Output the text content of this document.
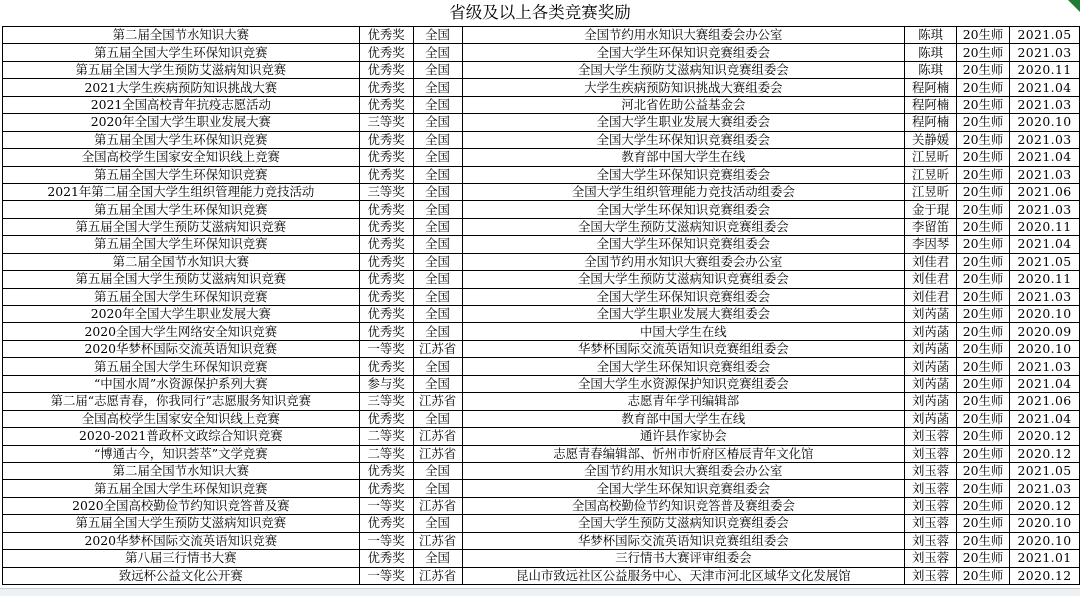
省级及以上各类竞赛奖励
第二届全国节水知识大赛	优秀奖	全国	全国节约用水知识大赛组委会办公室	陈琪	20生师	2021.05
第五届全国大学生环保知识竞赛	优秀奖	全国	全国大学生环保知识竞赛组委会	陈琪	20生师	2021.03
第五届全国大学生预防艾滋病知识竞赛	优秀奖	全国	全国大学生预防艾滋病知识竞赛组委会	陈琪	20生师	2020.11
2021大学生疾病预防知识挑战大赛	优秀奖	全国	大学生疾病预防知识挑战大赛组委会	程阿楠	20生师	2021.04
2021全国高校青年抗疫志愿活动	优秀奖	全国	河北省佐助公益基金会	程阿楠	20生师	2021.03
2020年全国大学生职业发展大赛	三等奖	全国	全国大学生职业发展大赛组委会	程阿楠	20生师	2020.10
第五届全国大学生环保知识竞赛	优秀奖	全国	全国大学生环保知识竞赛组委会	关静媛	20生师	2021.03
全国高校学生国家安全知识线上竞赛	优秀奖	全国	教育部中国大学生在线	江昱昕	20生师	2021.04
第五届全国大学生环保知识竞赛	优秀奖	全国	全国大学生环保知识竞赛组委会	江昱昕	20生师	2021.03
2021年第二届全国大学生组织管理能力竞技活动	三等奖	全国	全国大学生组织管理能力竞技活动组委会	江昱昕	20生师	2021.06
第五届全国大学生环保知识竞赛	优秀奖	全国	全国大学生环保知识竞赛组委会	金于琨	20生师	2021.03
第五届全国大学生预防艾滋病知识竞赛	优秀奖	全国	全国大学生预防艾滋病知识竞赛组委会	李留笛	20生师	2020.11
第五届全国大学生环保知识竞赛	优秀奖	全国	全国大学生环保知识竞赛组委会	李因琴	20生师	2021.04
第二届全国节水知识大赛	优秀奖	全国	全国节约用水知识大赛组委会办公室	刘佳君	20生师	2021.05
第五届全国大学生预防艾滋病知识竞赛	优秀奖	全国	全国大学生预防艾滋病知识竞赛组委会	刘佳君	20生师	2020.11
第五届全国大学生环保知识竞赛	优秀奖	全国	全国大学生环保知识竞赛组委会	刘佳君	20生师	2021.03
2020年全国大学生职业发展大赛	优秀奖	全国	全国大学生职业发展大赛组委会	刘芮菡	20生师	2020.10
2020全国大学生网络安全知识竞赛	优秀奖	全国	中国大学生在线	刘芮菡	20生师	2020.09
2020华梦杯国际交流英语知识竞赛	一等奖	江苏省	华梦杯国际交流英语知识竞赛组组委会	刘芮菡	20生师	2020.10
第五届全国大学生环保知识竞赛	优秀奖	全国	全国大学生环保知识竞赛组委会	刘芮菡	20生师	2021.03
“中国水周”水资源保护系列大赛	参与奖	全国	全国大学生水资源保护知识竞赛组委会	刘芮菡	20生师	2021.04
第二届“志愿青春，你我同行”志愿服务知识竞赛	三等奖	江苏省	志愿青年学刊编辑部	刘芮菡	20生师	2021.06
全国高校学生国家安全知识线上竞赛	优秀奖	全国	教育部中国大学生在线	刘芮菡	20生师	2021.04
2020-2021普政杯文政综合知识竞赛	二等奖	江苏省	通许县作家协会	刘玉蓉	20生师	2020.12
“博通古今，知识荟萃”文学竞赛	二等奖	江苏省	志愿青春编辑部、忻州市忻府区椿辰青年文化馆	刘玉蓉	20生师	2020.12
第二届全国节水知识大赛	优秀奖	全国	全国节约用水知识大赛组委会办公室	刘玉蓉	20生师	2021.05
第五届全国大学生环保知识竞赛	优秀奖	全国	全国大学生环保知识竞赛组委会	刘玉蓉	20生师	2021.03
2020全国高校勤俭节约知识竞答普及赛	一等奖	江苏省	全国高校勤俭节约知识竞答普及赛组委会	刘玉蓉	20生师	2020.12
第五届全国大学生预防艾滋病知识竞赛	优秀奖	全国	全国大学生预防艾滋病知识竞赛组委会	刘玉蓉	20生师	2020.10
2020华梦杯国际交流英语知识竞赛	一等奖	江苏省	华梦杯国际交流英语知识竞赛组组委会	刘玉蓉	20生师	2020.10
第八届三行情书大赛	优秀奖	全国	三行情书大赛评审组委会	刘玉蓉	20生师	2021.01
致远杯公益文化公开赛	一等奖	江苏省	昆山市致远社区公益服务中心、天津市河北区域华文化发展馆	刘玉蓉	20生师	2020.12
